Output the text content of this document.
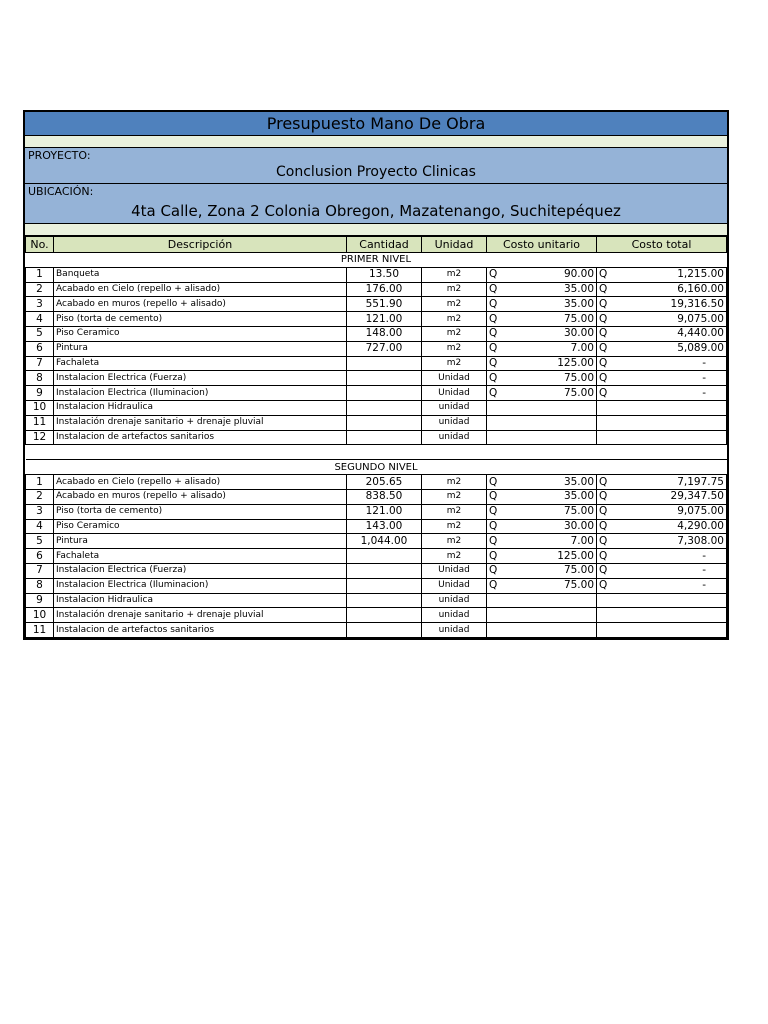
Presupuesto Mano De Obra
PROYECTO:
Conclusion Proyecto Clinicas
UBICACIÓN:
4ta Calle, Zona 2 Colonia Obregon, Mazatenango, Suchitepéquez
No.	Descripción	Cantidad	Unidad	Costo unitario	Costo total
PRIMER NIVEL					
1	Banqueta	13.50	m2	Q 90.00	Q 1,215.00

2	Acabado en Cielo (repello + alisado)	176.00	m2	Q 35.00	Q 6,160.00

3	Acabado en muros (repello + alisado)	551.90	m2	Q 35.00	Q 19,316.50

4	Piso (torta de cemento)	121.00	m2	Q 75.00	Q 9,075.00

5	Piso Ceramico	148.00	m2	Q 30.00	Q 4,440.00

6	Pintura	727.00	m2	Q 7.00	Q 5,089.00

7	Fachaleta		m2	Q 125.00	Q -

8	Instalacion Electrica (Fuerza)		Unidad	Q 75.00	Q -

9	Instalacion Electrica (Iluminacion)		Unidad	Q 75.00	Q -

10	Instalacion Hidraulica		unidad		
11	Instalación drenaje sanitario + drenaje pluvial		unidad		
12	Instalacion de artefactos sanitarios		unidad		

SEGUNDO NIVEL					
1	Acabado en Cielo (repello + alisado)	205.65	m2	Q 35.00	Q 7,197.75

2	Acabado en muros (repello + alisado)	838.50	m2	Q 35.00	Q 29,347.50

3	Piso (torta de cemento)	121.00	m2	Q 75.00	Q 9,075.00

4	Piso Ceramico	143.00	m2	Q 30.00	Q 4,290.00

5	Pintura	1,044.00	m2	Q 7.00	Q 7,308.00

6	Fachaleta		m2	Q 125.00	Q -

7	Instalacion Electrica (Fuerza)		Unidad	Q 75.00	Q -

8	Instalacion Electrica (Iluminacion)		Unidad	Q 75.00	Q -

9	Instalacion Hidraulica		unidad		
10	Instalación drenaje sanitario + drenaje pluvial		unidad		
11	Instalacion de artefactos sanitarios		unidad		
